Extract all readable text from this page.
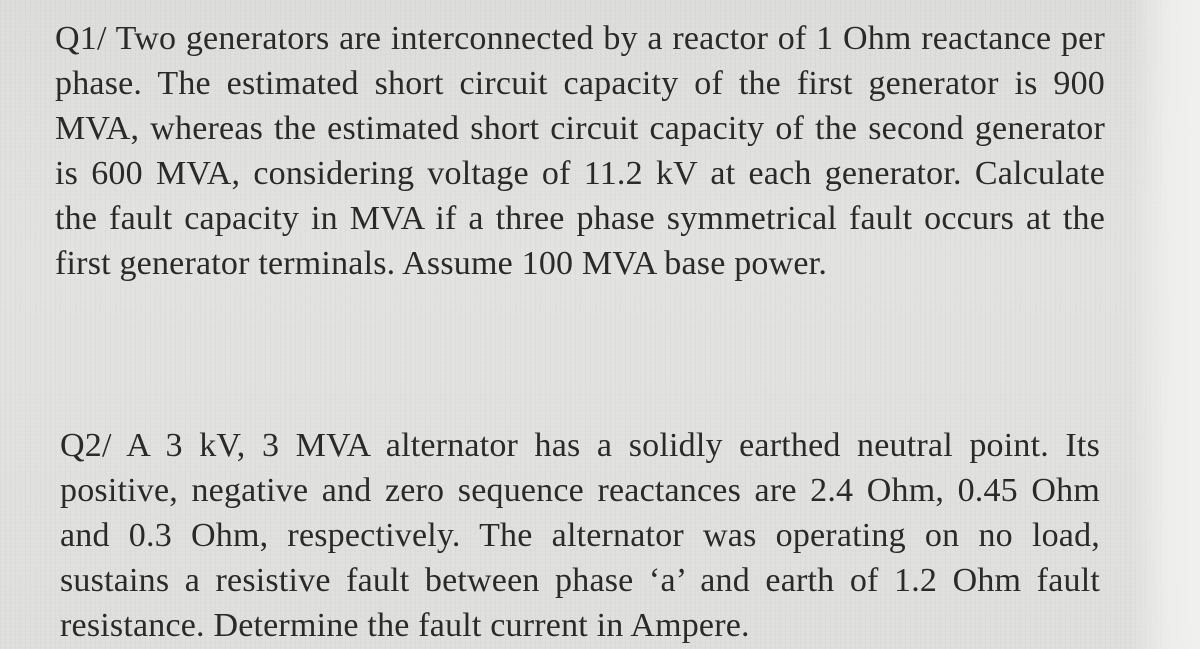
Q1/ Two generators are interconnected by a reactor of 1 Ohm reactance per phase. The estimated short circuit capacity of the first generator is 900 MVA, whereas the estimated short circuit capacity of the second generator is 600 MVA, considering voltage of 11.2 kV at each generator. Calculate the fault capacity in MVA if a three phase symmetrical fault occurs at the first generator terminals. Assume 100 MVA base power.
Q2/ A 3 kV, 3 MVA alternator has a solidly earthed neutral point. Its positive, negative and zero sequence reactances are 2.4 Ohm, 0.45 Ohm and 0.3 Ohm, respectively. The alternator was operating on no load, sustains a resistive fault between phase ‘a’ and earth of 1.2 Ohm fault resistance. Determine the fault current in Ampere.
